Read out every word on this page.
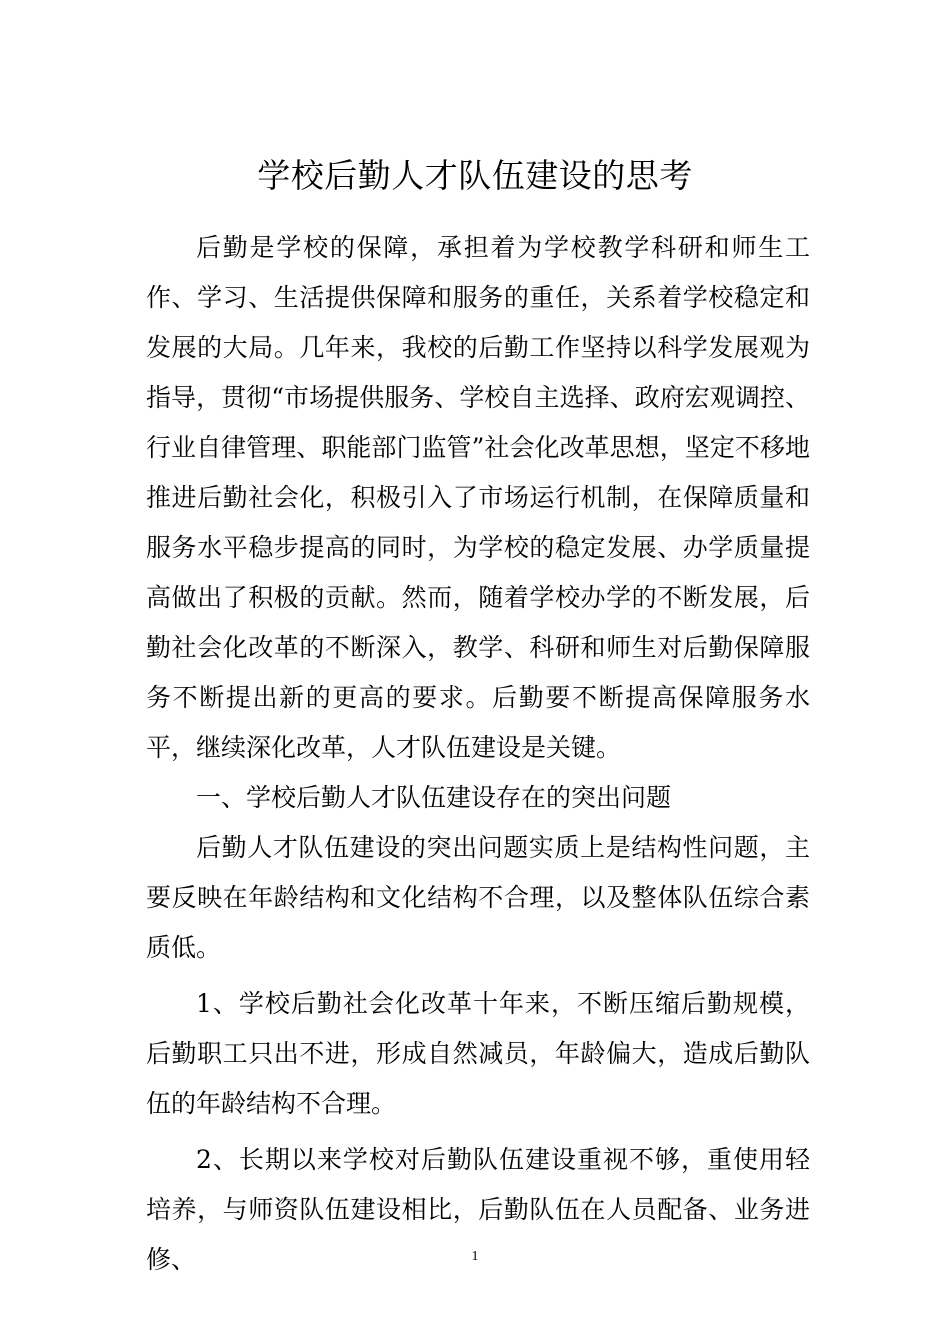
学校后勤人才队伍建设的思考

后勤是学校的保障，承担着为学校教学科研和师生工作、学习、生活提供保障和服务的重任，关系着学校稳定和发展的大局。几年来，我校的后勤工作坚持以科学发展观为指导，贯彻“市场提供服务、学校自主选择、政府宏观调控、行业自律管理、职能部门监管”社会化改革思想，坚定不移地推进后勤社会化，积极引入了市场运行机制，在保障质量和服务水平稳步提高的同时，为学校的稳定发展、办学质量提高做出了积极的贡献。然而，随着学校办学的不断发展，后勤社会化改革的不断深入，教学、科研和师生对后勤保障服务不断提出新的更高的要求。后勤要不断提高保障服务水平，继续深化改革，人才队伍建设是关键。

一、学校后勤人才队伍建设存在的突出问题

后勤人才队伍建设的突出问题实质上是结构性问题，主要反映在年龄结构和文化结构不合理，以及整体队伍综合素质低。

1、学校后勤社会化改革十年来，不断压缩后勤规模，后勤职工只出不进，形成自然减员，年龄偏大，造成后勤队伍的年龄结构不合理。

2、长期以来学校对后勤队伍建设重视不够，重使用轻培养，与师资队伍建设相比，后勤队伍在人员配备、业务进修、	1
